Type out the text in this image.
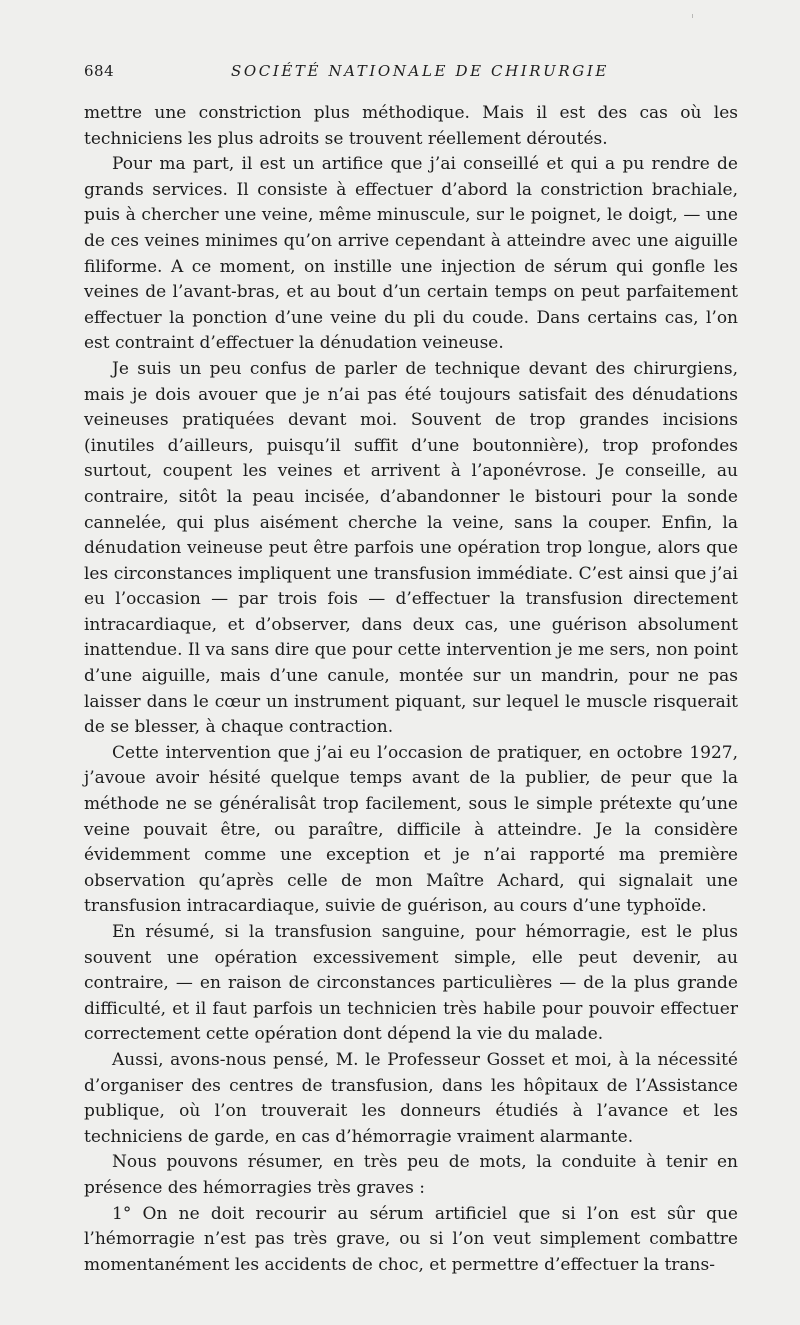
684	SOCIÉTÉ NATIONALE DE CHIRURGIE

mettre une constriction plus méthodique. Mais il est des cas où les techniciens les plus adroits se trouvent réellement déroutés.

Pour ma part, il est un artifice que j’ai conseillé et qui a pu rendre de grands services. Il consiste à effectuer d’abord la constriction brachiale, puis à chercher une veine, même minuscule, sur le poignet, le doigt, — une de ces veines minimes qu’on arrive cependant à atteindre avec une aiguille filiforme. A ce moment, on instille une injection de sérum qui gonfle les veines de l’avant-bras, et au bout d’un certain temps on peut parfaitement effectuer la ponction d’une veine du pli du coude. Dans certains cas, l’on est contraint d’effectuer la dénudation veineuse.

Je suis un peu confus de parler de technique devant des chirurgiens, mais je dois avouer que je n’ai pas été toujours satisfait des dénudations veineuses pratiquées devant moi. Souvent de trop grandes incisions (inutiles d’ailleurs, puisqu’il suffit d’une boutonnière), trop profondes surtout, coupent les veines et arrivent à l’aponévrose. Je conseille, au contraire, sitôt la peau incisée, d’abandonner le bistouri pour la sonde cannelée, qui plus aisément cherche la veine, sans la couper. Enfin, la dénudation veineuse peut être parfois une opération trop longue, alors que les circonstances impliquent une transfusion immédiate. C’est ainsi que j’ai eu l’occasion — par trois fois — d’effectuer la transfusion directement intracardiaque, et d’observer, dans deux cas, une guérison absolument inattendue. Il va sans dire que pour cette intervention je me sers, non point d’une aiguille, mais d’une canule, montée sur un mandrin, pour ne pas laisser dans le cœur un instrument piquant, sur lequel le muscle risquerait de se blesser, à chaque contraction.

Cette intervention que j’ai eu l’occasion de pratiquer, en octobre 1927, j’avoue avoir hésité quelque temps avant de la publier, de peur que la méthode ne se généralisât trop facilement, sous le simple prétexte qu’une veine pouvait être, ou paraître, difficile à atteindre. Je la considère évidemment comme une exception et je n’ai rapporté ma première observation qu’après celle de mon Maître Achard, qui signalait une transfusion intracardiaque, suivie de guérison, au cours d’une typhoïde.

En résumé, si la transfusion sanguine, pour hémorragie, est le plus souvent une opération excessivement simple, elle peut devenir, au contraire, — en raison de circonstances particulières — de la plus grande difficulté, et il faut parfois un technicien très habile pour pouvoir effectuer correctement cette opération dont dépend la vie du malade.

Aussi, avons-nous pensé, M. le Professeur Gosset et moi, à la nécessité d’organiser des centres de transfusion, dans les hôpitaux de l’Assistance publique, où l’on trouverait les donneurs étudiés à l’avance et les techniciens de garde, en cas d’hémorragie vraiment alarmante.

Nous pouvons résumer, en très peu de mots, la conduite à tenir en présence des hémorragies très graves :

1° On ne doit recourir au sérum artificiel que si l’on est sûr que l’hémorragie n’est pas très grave, ou si l’on veut simplement combattre momentanément les accidents de choc, et permettre d’effectuer la trans-
